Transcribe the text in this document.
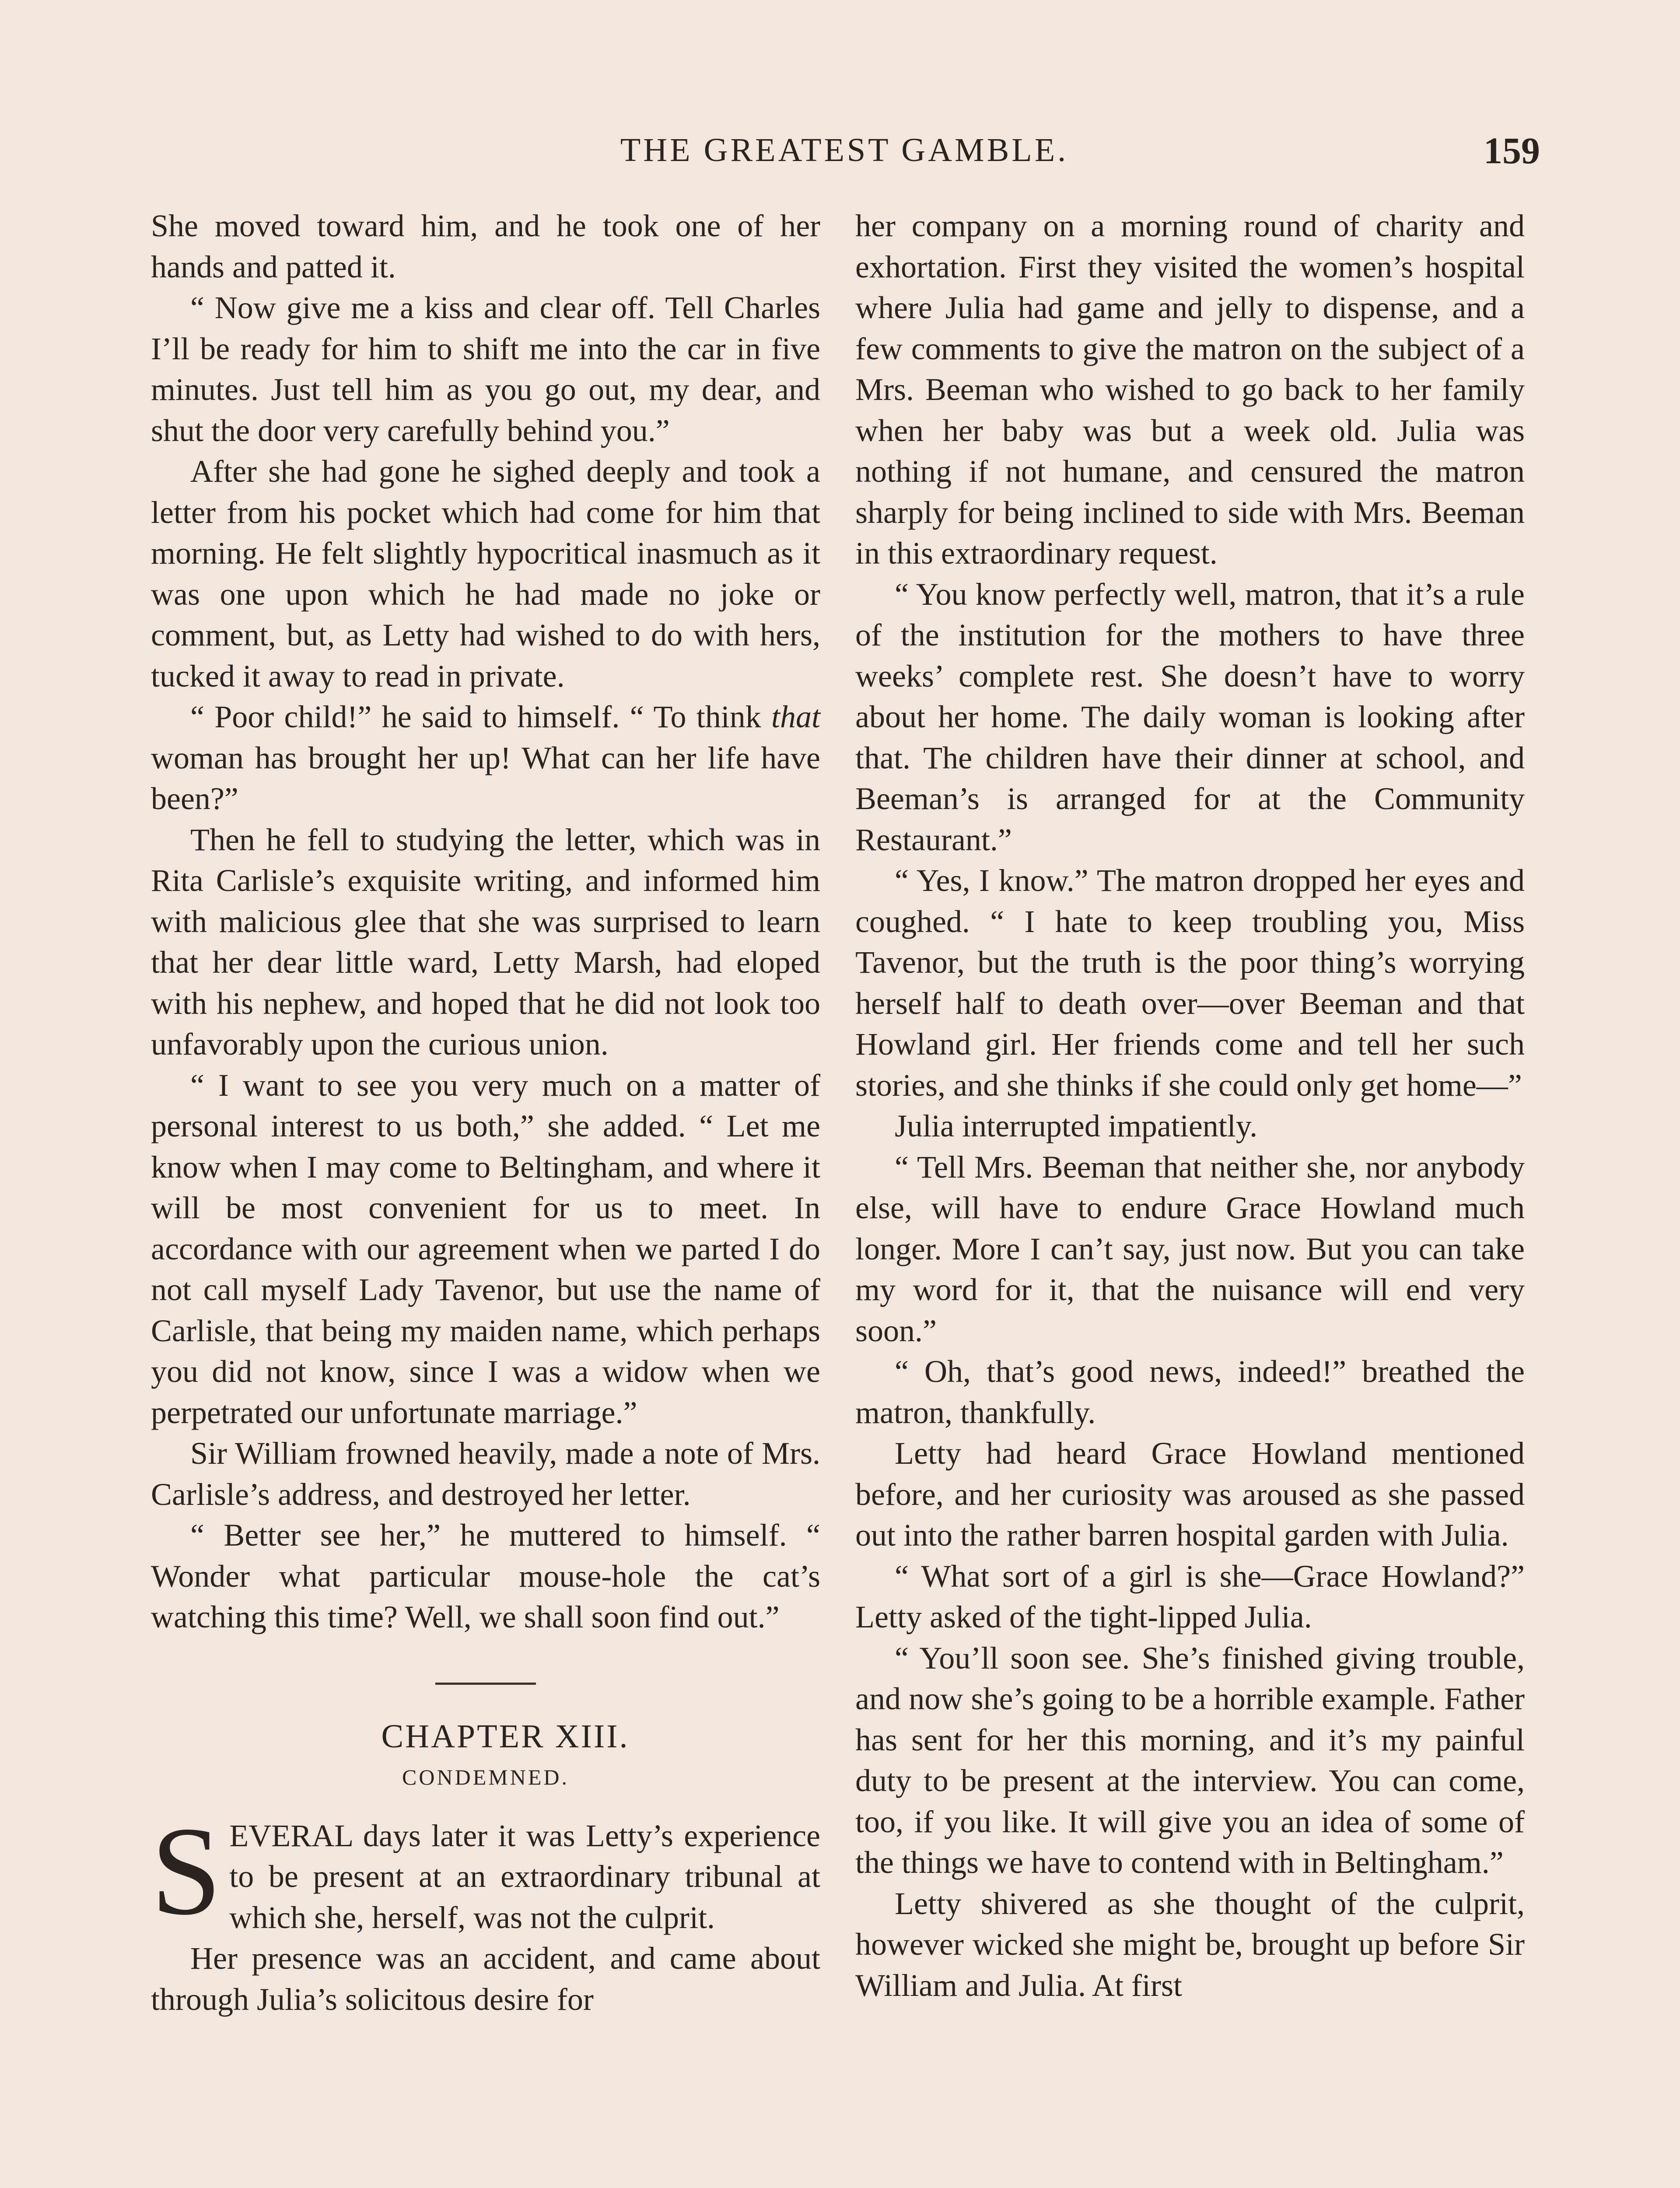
THE GREATEST GAMBLE.	159

She moved toward him, and he took one of her hands and patted it.

“ Now give me a kiss and clear off. Tell Charles I’ll be ready for him to shift me into the car in five minutes. Just tell him as you go out, my dear, and shut the door very carefully behind you.”

After she had gone he sighed deeply and took a letter from his pocket which had come for him that morning. He felt slightly hypocritical inasmuch as it was one upon which he had made no joke or comment, but, as Letty had wished to do with hers, tucked it away to read in private.

“ Poor child!” he said to himself. “ To think that woman has brought her up! What can her life have been?”

Then he fell to studying the letter, which was in Rita Carlisle’s exquisite writing, and informed him with malicious glee that she was surprised to learn that her dear little ward, Letty Marsh, had eloped with his nephew, and hoped that he did not look too unfavorably upon the curious union.

“ I want to see you very much on a matter of personal interest to us both,” she added. “ Let me know when I may come to Beltingham, and where it will be most convenient for us to meet. In accordance with our agreement when we parted I do not call myself Lady Tavenor, but use the name of Carlisle, that being my maiden name, which perhaps you did not know, since I was a widow when we perpetrated our unfortunate marriage.”

Sir William frowned heavily, made a note of Mrs. Carlisle’s address, and destroyed her letter.

“ Better see her,” he muttered to himself. “ Wonder what particular mouse-hole the cat’s watching this time? Well, we shall soon find out.”

CHAPTER XIII.

CONDEMNED.

SEVERAL days later it was Letty’s experience to be present at an extraordinary tribunal at which she, herself, was not the culprit.

Her presence was an accident, and came about through Julia’s solicitous desire for

her company on a morning round of charity and exhortation. First they visited the women’s hospital where Julia had game and jelly to dispense, and a few comments to give the matron on the subject of a Mrs. Beeman who wished to go back to her family when her baby was but a week old. Julia was nothing if not humane, and censured the matron sharply for being inclined to side with Mrs. Beeman in this extraordinary request.

“ You know perfectly well, matron, that it’s a rule of the institution for the mothers to have three weeks’ complete rest. She doesn’t have to worry about her home. The daily woman is looking after that. The children have their dinner at school, and Beeman’s is arranged for at the Community Restaurant.”

“ Yes, I know.” The matron dropped her eyes and coughed. “ I hate to keep troubling you, Miss Tavenor, but the truth is the poor thing’s worrying herself half to death over—over Beeman and that Howland girl. Her friends come and tell her such stories, and she thinks if she could only get home—”

Julia interrupted impatiently.

“ Tell Mrs. Beeman that neither she, nor anybody else, will have to endure Grace Howland much longer. More I can’t say, just now. But you can take my word for it, that the nuisance will end very soon.”

“ Oh, that’s good news, indeed!” breathed the matron, thankfully.

Letty had heard Grace Howland mentioned before, and her curiosity was aroused as she passed out into the rather barren hospital garden with Julia.

“ What sort of a girl is she—Grace Howland?” Letty asked of the tight-lipped Julia.

“ You’ll soon see. She’s finished giving trouble, and now she’s going to be a horrible example. Father has sent for her this morning, and it’s my painful duty to be present at the interview. You can come, too, if you like. It will give you an idea of some of the things we have to contend with in Beltingham.”

Letty shivered as she thought of the culprit, however wicked she might be, brought up before Sir William and Julia. At first
